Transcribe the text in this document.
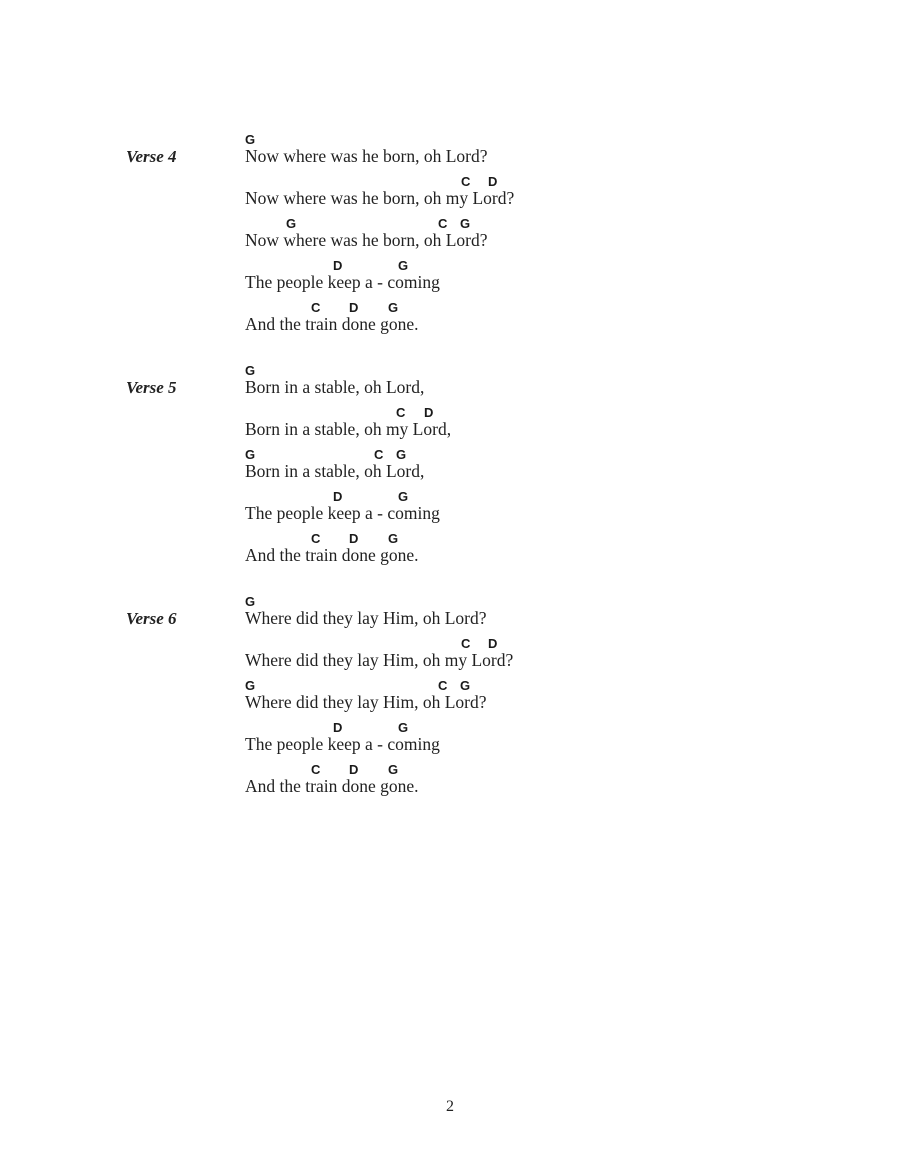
Verse 4
G
Now where was he born, oh Lord?
C D
Now where was he born, oh my Lord?
G	C G
Now where was he born, oh Lord?
D	G
The people keep a - coming
C D G
And the train done gone.
Verse 5
G
Born in a stable, oh Lord,
C D
Born in a stable, oh my Lord,
G	C G
Born in a stable, oh Lord,
D	G
The people keep a - coming
C D G
And the train done gone.
Verse 6
G
Where did they lay Him, oh Lord?
C D
Where did they lay Him, oh my Lord?
G	C G
Where did they lay Him, oh Lord?
D	G
The people keep a - coming
C D G
And the train done gone.
2
